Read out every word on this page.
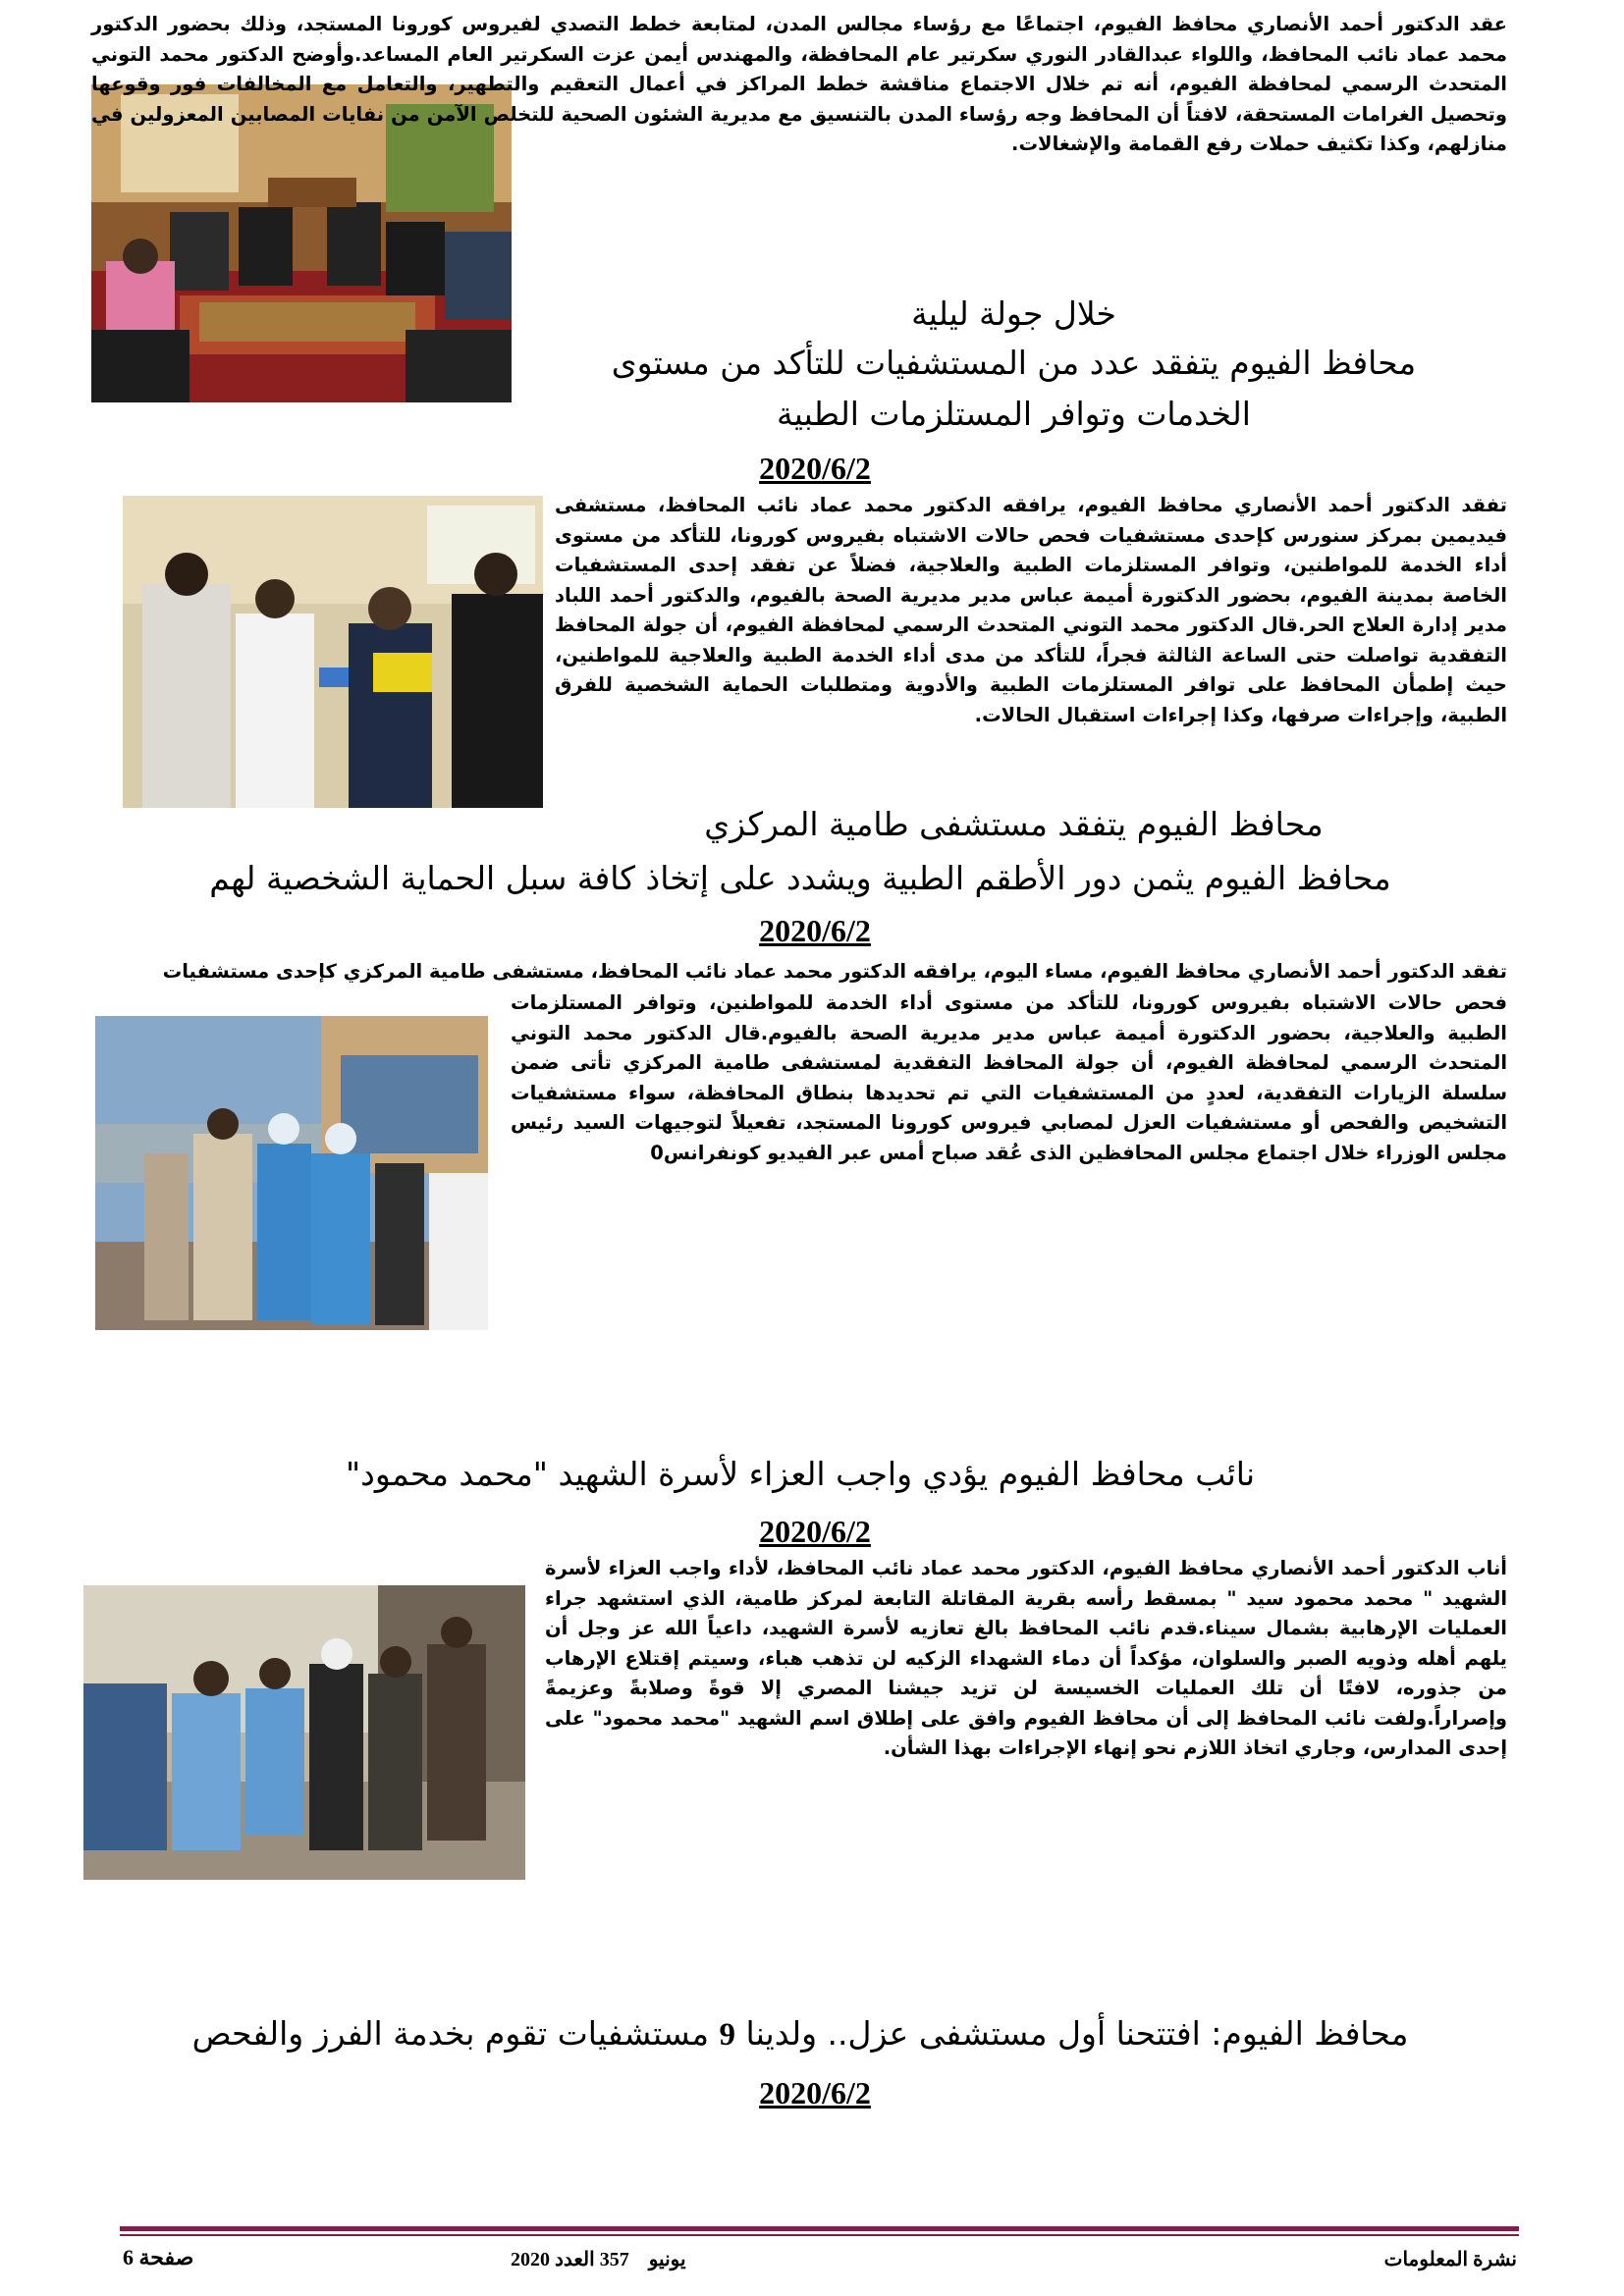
عقد الدكتور أحمد الأنصاري محافظ الفيوم، اجتماعًا مع رؤساء مجالس المدن، لمتابعة خطط التصدي لفيروس كورونا المستجد، وذلك بحضور الدكتور محمد عماد نائب المحافظ، واللواء عبدالقادر النوري سكرتير عام المحافظة، والمهندس أيمن عزت السكرتير العام المساعد.وأوضح الدكتور محمد التوني المتحدث الرسمي لمحافظة الفيوم، أنه تم خلال الاجتماع مناقشة خطط المراكز في أعمال التعقيم والتطهير، والتعامل مع المخالفات فور وقوعها وتحصيل الغرامات المستحقة، لافتاً أن المحافظ وجه رؤساء المدن بالتنسيق مع مديرية الشئون الصحية للتخلص الآمن من نفايات المصابين المعزولين في منازلهم، وكذا تكثيف حملات رفع القمامة والإشغالات.

خلال جولة ليلية

محافظ الفيوم يتفقد عدد من المستشفيات للتأكد من مستوى

الخدمات وتوافر المستلزمات الطبية

2020/6/2

تفقد الدكتور أحمد الأنصاري محافظ الفيوم، يرافقه الدكتور محمد عماد نائب المحافظ، مستشفى فيديمين بمركز سنورس كإحدى مستشفيات فحص حالات الاشتباه بفيروس كورونا، للتأكد من مستوى أداء الخدمة للمواطنين، وتوافر المستلزمات الطبية والعلاجية، فضلاً عن تفقد إحدى المستشفيات الخاصة بمدينة الفيوم، بحضور الدكتورة أميمة عباس مدير مديرية الصحة بالفيوم، والدكتور أحمد اللباد مدير إدارة العلاج الحر.قال الدكتور محمد التوني المتحدث الرسمي لمحافظة الفيوم، أن جولة المحافظ التفقدية تواصلت حتى الساعة الثالثة فجراً، للتأكد من مدى أداء الخدمة الطبية والعلاجية للمواطنين، حيث إطمأن المحافظ على توافر المستلزمات الطبية والأدوية ومتطلبات الحماية الشخصية للفرق الطبية، وإجراءات صرفها، وكذا إجراءات استقبال الحالات.

محافظ الفيوم يتفقد مستشفى طامية المركزي

محافظ الفيوم يثمن دور الأطقم الطبية ويشدد على إتخاذ كافة سبل الحماية الشخصية لهم

2020/6/2

تفقد الدكتور أحمد الأنصاري محافظ الفيوم، مساء اليوم، يرافقه الدكتور محمد عماد نائب المحافظ، مستشفى طامية المركزي كإحدى مستشفيات

فحص حالات الاشتباه بفيروس كورونا، للتأكد من مستوى أداء الخدمة للمواطنين، وتوافر المستلزمات الطبية والعلاجية، بحضور الدكتورة أميمة عباس مدير مديرية الصحة بالفيوم.قال الدكتور محمد التوني المتحدث الرسمي لمحافظة الفيوم، أن جولة المحافظ التفقدية لمستشفى طامية المركزي تأتى ضمن سلسلة الزيارات التفقدية، لعددٍ من المستشفيات التي تم تحديدها بنطاق المحافظة، سواء مستشفيات التشخيص والفحص أو مستشفيات العزل لمصابي فيروس كورونا المستجد، تفعيلاً لتوجيهات السيد رئيس مجلس الوزراء خلال اجتماع مجلس المحافظين الذى عُقد صباح أمس عبر الفيديو كونفرانس0

نائب محافظ الفيوم يؤدي واجب العزاء لأسرة الشهيد "محمد محمود"

2020/6/2

أناب الدكتور أحمد الأنصاري محافظ الفيوم، الدكتور محمد عماد نائب المحافظ، لأداء واجب العزاء لأسرة الشهيد " محمد محمود سيد " بمسقط رأسه بقرية المقاتلة التابعة لمركز طامية، الذي استشهد جراء العمليات الإرهابية بشمال سيناء.قدم نائب المحافظ بالغ تعازيه لأسرة الشهيد، داعياً الله عز وجل أن يلهم أهله وذويه الصبر والسلوان، مؤكداً أن دماء الشهداء الزكيه لن تذهب هباء، وسيتم إقتلاع الإرهاب من جذوره، لافتًا أن تلك العمليات الخسيسة لن تزيد جيشنا المصري إلا قوةً وصلابةً وعزيمةً وإصراراً.ولفت نائب المحافظ إلى أن محافظ الفيوم وافق على إطلاق اسم الشهيد "محمد محمود" على إحدى المدارس، وجاري اتخاذ اللازم نحو إنهاء الإجراءات بهذا الشأن.

محافظ الفيوم: افتتحنا أول مستشفى عزل.. ولدينا 9 مستشفيات تقوم بخدمة الفرز والفحص

2020/6/2
صفحة 6	2020	يونيو    357 العدد	نشرة المعلومات
